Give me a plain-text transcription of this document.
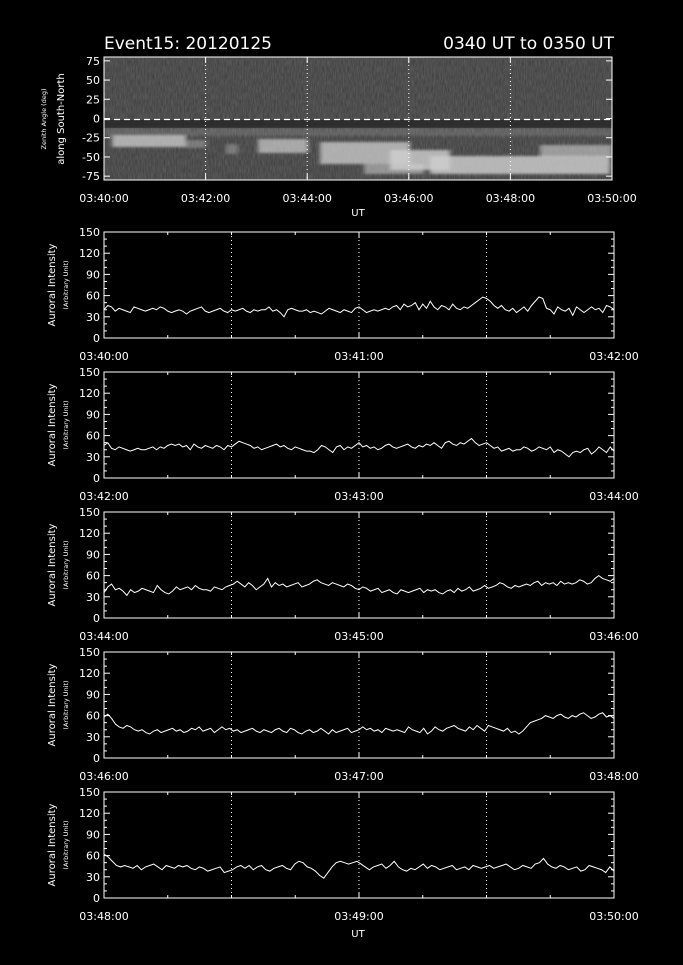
Event15: 20120125	0340 UT to 0350 UT
75
50
25
0
-25
-50
-75
03:40:00	03:42:00	03:44:00	03:46:00	03:48:00	03:50:00
Zenith Angle (deg) along South-North
UT
150
120
90
60
30
0
03:40:00	03:41:00	03:42:00
Auroral Intensity (Arbitrary Unit)
150
120
90
60
30
0
03:42:00	03:43:00	03:44:00
Auroral Intensity (Arbitrary Unit)
150
120
90
60
30
0
03:44:00	03:45:00	03:46:00
Auroral Intensity (Arbitrary Unit)
150
120
90
60
30
0
03:46:00	03:47:00	03:48:00
Auroral Intensity (Arbitrary Unit)
150
120
90
60
30
0
03:48:00	03:49:00	03:50:00
Auroral Intensity (Arbitrary Unit)
UT
